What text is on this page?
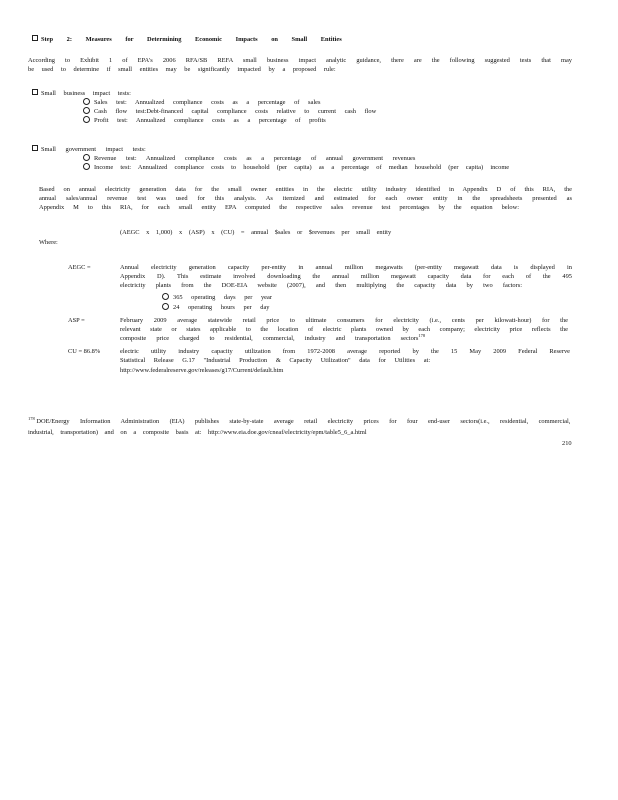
Step 2: Measures for Determining Economic Impacts on Small Entities
According to Exhibit 1 of EPA's 2006 RFA/SB REFA small business impact analytic guidance, there are the following suggested tests that may
be used to determine if small entities may be significantly impacted by a proposed rule:
Small business impact tests:
Sales test: Annualized compliance costs as a percentage of sales
Cash flow test:Debt-financed capital compliance costs relative to current cash flow
Profit test: Annualized compliance costs as a percentage of profits
Small government impact tests:
Revenue test: Annualized compliance costs as a percentage of annual government revenues
Income test: Annualized compliance costs to household (per capita) as a percentage of median household (per capita) income
Based on annual electricity generation data for the small owner entities in the electric utility industry identified in Appendix D of this RIA, the
annual sales/annual revenue test was used for this analysis. As itemized and estimated for each owner entity in the spreadsheets presented as
Appendix M to this RIA, for each small entity EPA computed the respective sales revenue test percentages by the equation below:
(AEGC x 1,000) x (ASP) x (CU) = annual $sales or $revenues per small entity
Where:
AEGC =	Annual electricity generation capacity per-entity in annual million megawatts (per-entity megawatt data is displayed in
Appendix D). This estimate involved downloading the annual million megawatt capacity data for each of the 495
electricity plants from the DOE-EIA website (2007), and then multiplying the capacity data by two factors:
365 operating days per year
24 operating hours per day
ASP =	February 2009 average statewide retail price to ultimate consumers for electricity (i.e., cents per kilowatt-hour) for the
relevant state or states applicable to the location of electric plants owned by each company; electricity price reflects the
composite price charged to residential, commercial, industry and transportation sectors$^{178}$
CU = 86.8%	electric utility industry capacity utilization from 1972-2008 average reported by the 15 May 2009 Federal Reserve
Statistical Release G.17 "Industrial Production & Capacity Utilization" data for Utilities at:
http://www.federalreserve.gov/releases/g17/Current/default.htm
$^{178}$ DOE/Energy Information Administration (EIA) publishes state-by-state average retail electricity prices for four end-user sectors(i.e., residential, commercial,
industrial, transportation) and on a composite basis at: http://www.eia.doe.gov/cneaf/electricity/epm/table5_6_a.html
210
